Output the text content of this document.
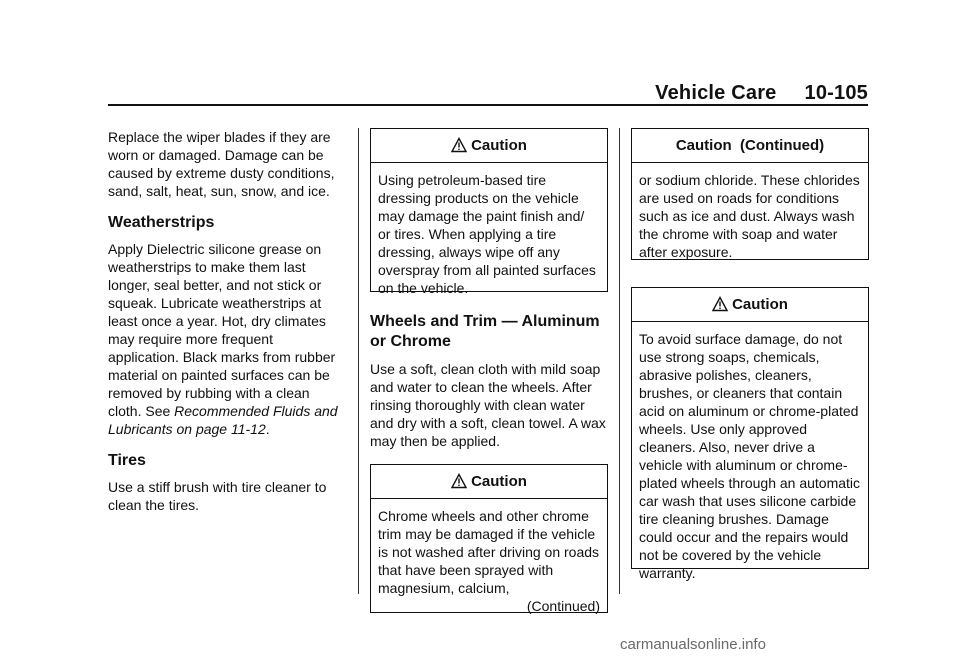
Vehicle Care 10-105

Replace the wiper blades if they are worn or damaged. Damage can be caused by extreme dusty conditions, sand, salt, heat, sun, snow, and ice.

Weatherstrips

Apply Dielectric silicone grease on weatherstrips to make them last longer, seal better, and not stick or squeak. Lubricate weatherstrips at least once a year. Hot, dry climates may require more frequent application. Black marks from rubber material on painted surfaces can be removed by rubbing with a clean cloth. See Recommended Fluids and Lubricants on page 11-12.

Tires

Use a stiff brush with tire cleaner to clean the tires.

Caution
Using petroleum-based tire dressing products on the vehicle may damage the paint finish and/ or tires. When applying a tire dressing, always wipe off any overspray from all painted surfaces on the vehicle.
Wheels and Trim — Aluminum or Chrome

Use a soft, clean cloth with mild soap and water to clean the wheels. After rinsing thoroughly with clean water and dry with a soft, clean towel. A wax may then be applied.

Caution
Chrome wheels and other chrome trim may be damaged if the vehicle is not washed after driving on roads that have been sprayed with magnesium, calcium,
(Continued)
Caution  (Continued)
or sodium chloride. These chlorides are used on roads for conditions such as ice and dust. Always wash the chrome with soap and water after exposure.
Caution
To avoid surface damage, do not use strong soaps, chemicals, abrasive polishes, cleaners, brushes, or cleaners that contain acid on aluminum or chrome-plated wheels. Use only approved cleaners. Also, never drive a vehicle with aluminum or chrome-plated wheels through an automatic car wash that uses silicone carbide tire cleaning brushes. Damage could occur and the repairs would not be covered by the vehicle warranty.
carmanualsonline.info
